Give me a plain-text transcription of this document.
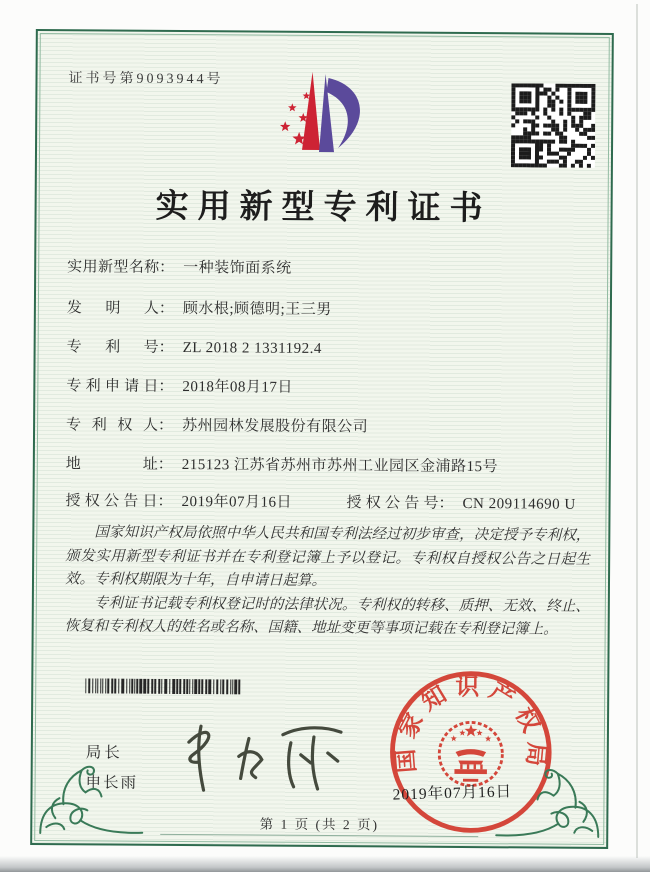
证书号第9093944号
实用新型专利证书
实用新型名称： 一种装饰面系统
发明人： 顾水根;顾德明;王三男
专利号： ZL 2018 2 1331192.4
专利申请日： 2018年08月17日
专利权人： 苏州园林发展股份有限公司
地址： 215123 江苏省苏州市苏州工业园区金浦路15号
授权公告日： 2019年07月16日	授权公告号： CN 209114690 U

国家知识产权局依照中华人民共和国专利法经过初步审查，决定授予专利权，颁发实用新型专利证书并在专利登记簿上予以登记。专利权自授权公告之日起生效。专利权期限为十年，自申请日起算。

专利证书记载专利权登记时的法律状况。专利权的转移、质押、无效、终止、恢复和专利权人的姓名或名称、国籍、地址变更等事项记载在专利登记簿上。

国家知识产权局
2019年07月16日
局长
申长雨
第 1 页 (共 2 页)
